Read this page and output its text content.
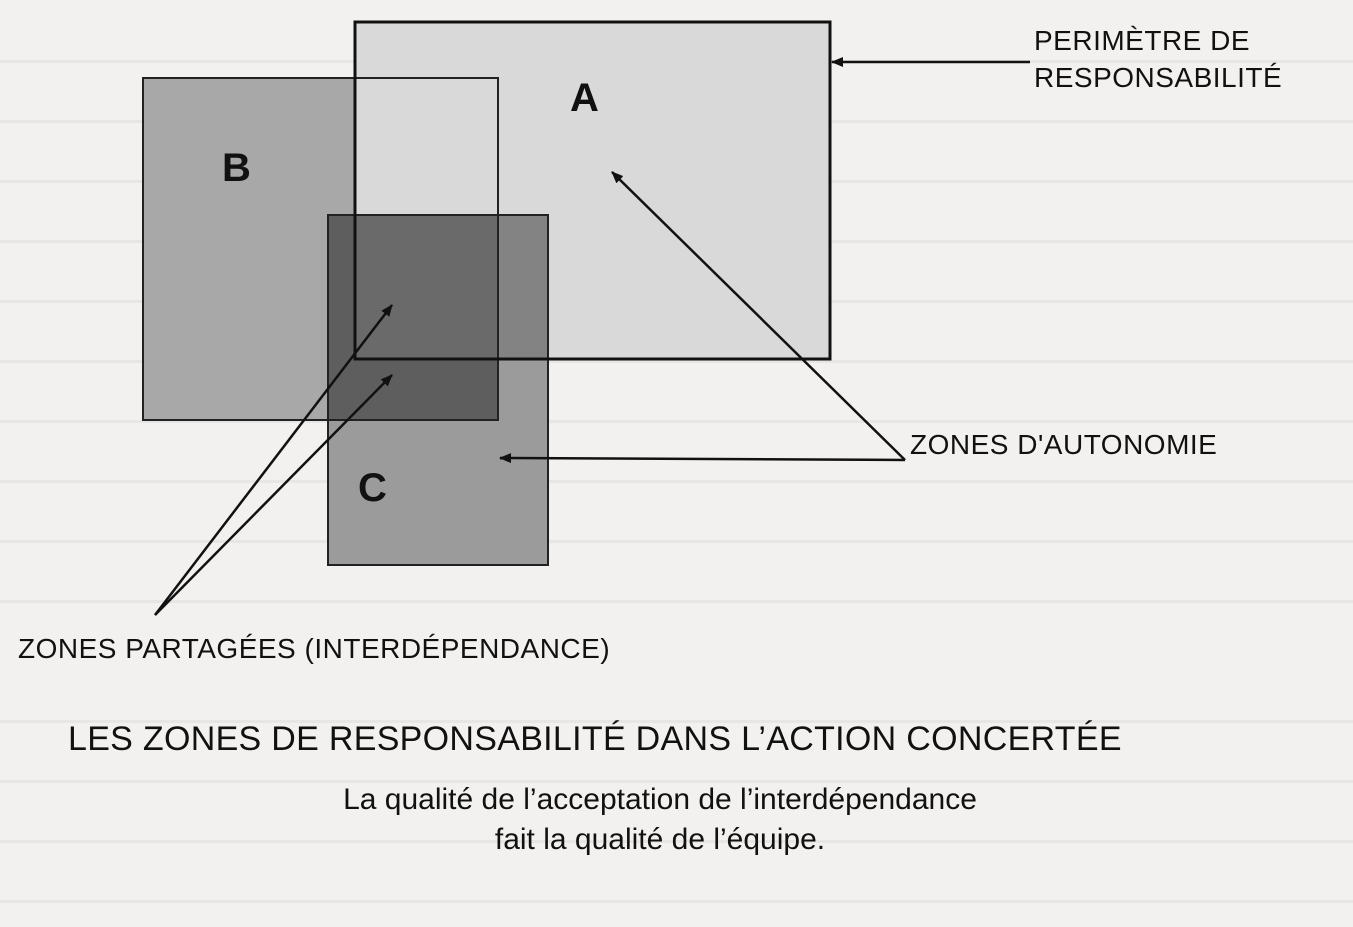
A
B
C
PERIMÈTRE DE
RESPONSABILITÉ
ZONES D'AUTONOMIE
ZONES PARTAGÉES (INTERDÉPENDANCE)
LES ZONES DE RESPONSABILITÉ DANS L’ACTION CONCERTÉE
La qualité de l’acceptation de l’interdépendance
fait la qualité de l’équipe.
